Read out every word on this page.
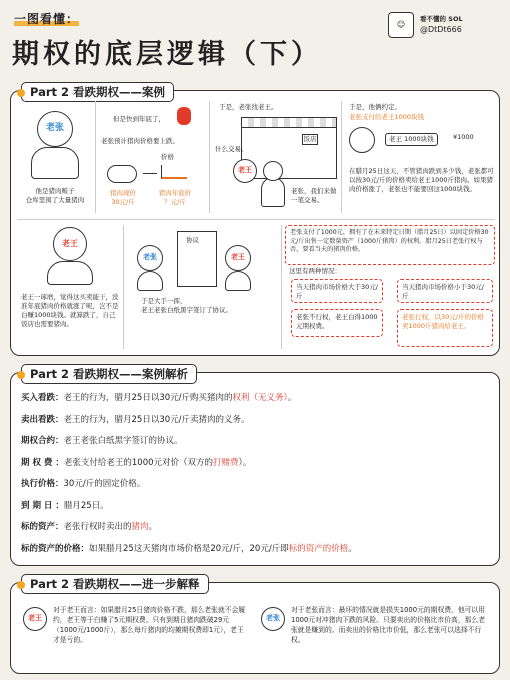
一图看懂：
期权的底层逻辑（下）
☺
看不懂的 SOL
@DtDt666
Part 2 看跌期权——案例
老张
他是猪肉贩子
仓库里囤了大量猪肉
但是快到年底了，
老张预计猪肉价格要上跌。
价格
猪肉现价
30元/斤
猪肉年底价
？元/斤
于是，老张找老王。
饭店
什么交易。
老王
老张，我们来做
一笔交易。
于是，他俩约定。
老张支付给老王1000块钱
老王 1000块钱	¥1000
在腊月25日这天，不管猪肉跌到多少钱，老张都可以按30元/斤的价格卖给老王1000斤猪肉。如果猪肉价格涨了，老张也不能要回这1000块钱。
老王
老王一琢磨，觉得这买卖能干，没准年底猪肉价格就涨了呢，岂不是白赚1000块钱。就算跌了，自己饭店也需要猪肉。
老张
协议
老王
于是大手一挥，
老王老张白纸黑字签订了协议。
老张支付了1000元，拥有了在未来特定日期（腊月25日）以固定价格30元/斤出售一定数量资产（1000斤猪肉）的权利。腊月25日老张行权与否，要看当天的猪肉价格。
这里有两种情况：
当天猪肉市场价格大于30元/斤
当天猪肉市场价格小于30元/斤
老张不行权，老王白得1000元期权费。
老张行权，以30元/斤的价格卖1000斤猪肉给老王。
Part 2 看跌期权——案例解析
买入看跌：老王的行为，腊月25日以30元/斤购买猪肉的权利（无义务）。
卖出看跌：老王的行为，腊月25日以30元/斤卖猪肉的义务。
期权合约：老王老张白纸黑字签订的协议。
期 权 费 ：老张支付给老王的1000元对价（双方的打赌费）。
执行价格：30元/斤的固定价格。
到 期 日 ：腊月25日。
标的资产：老张行权时卖出的猪肉。
标的资产的价格：如果腊月25这天猪肉市场价格是20元/斤，20元/斤即标的资产的价格。
Part 2 看跌期权——进一步解释
老王
对于老王而言：如果腊月25日猪肉价格不跌，那么老张就不会履约，老王等于白赚了5元期权费。只有到期日猪肉跌破29元（1000元/1000斤），那么每斤猪肉的均摊期权费即1元），老王才是亏的。
老张
对于老张而言：最坏的情况就是损失1000元的期权费，他可以用1000元对冲猪肉下跌的风险。只要卖出的价格比市价高，那么老张就是赚到的。而卖出的价格比市价低，那么老张可以选择不行权。
